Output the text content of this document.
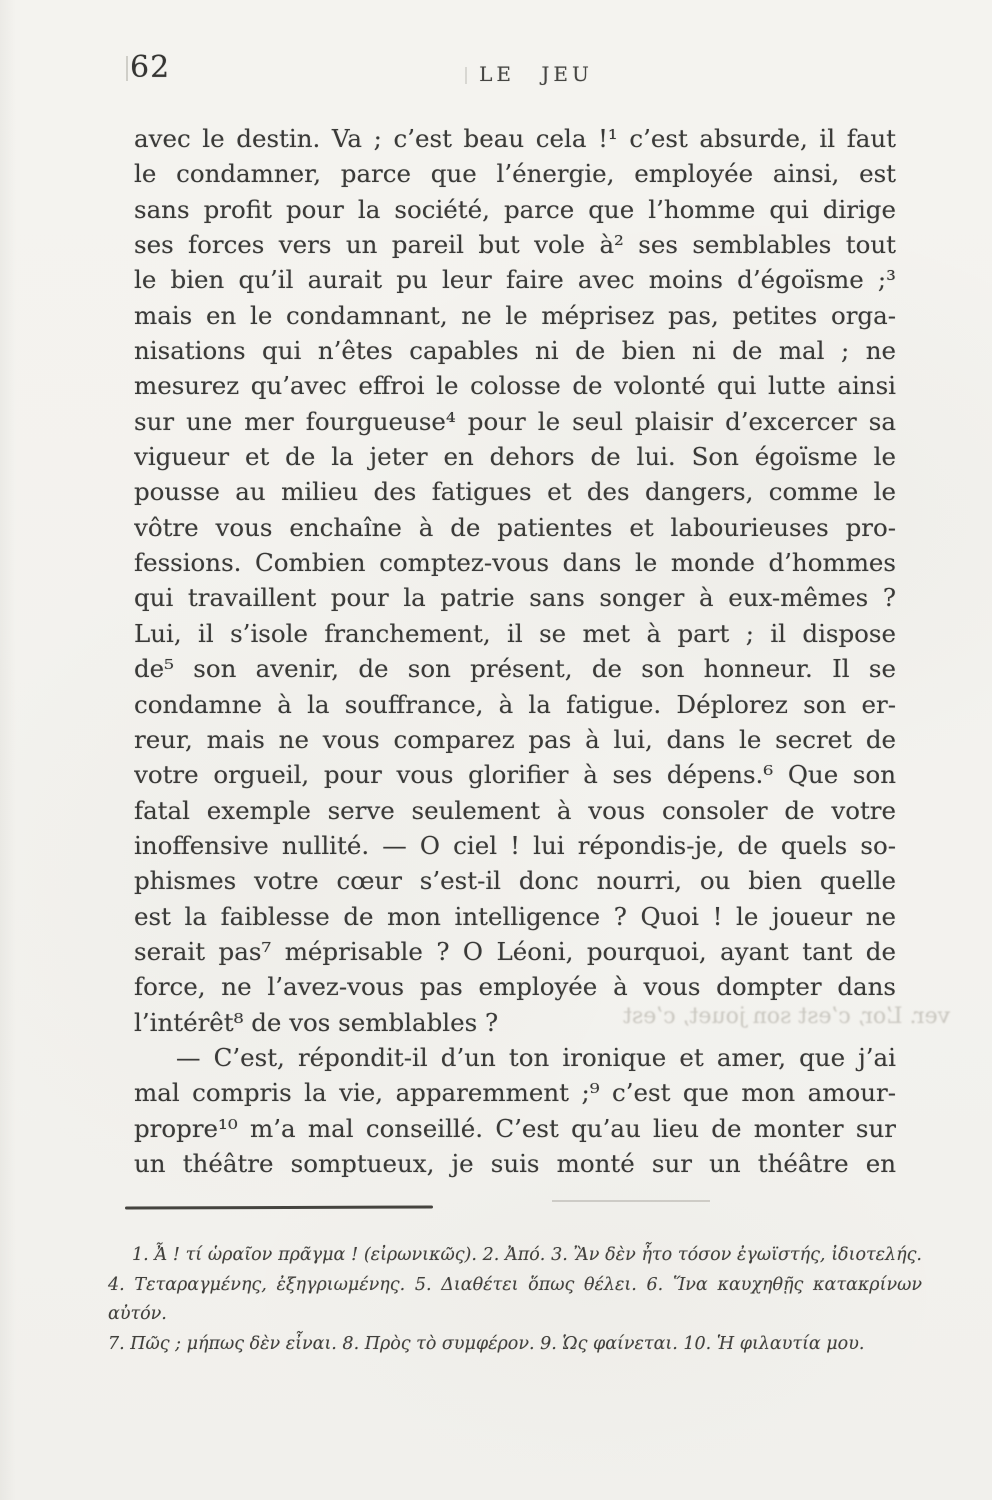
62	LE JEU
avec le destin. Va ; c’est beau cela !¹ c’est absurde, il faut
le condamner, parce que l’énergie, employée ainsi, est
sans profit pour la société, parce que l’homme qui dirige
ses forces vers un pareil but vole à² ses semblables tout
le bien qu’il aurait pu leur faire avec moins d’égoïsme ;³
mais en le condamnant, ne le méprisez pas, petites orga-
nisations qui n’êtes capables ni de bien ni de mal ; ne
mesurez qu’avec effroi le colosse de volonté qui lutte ainsi
sur une mer fourgueuse⁴ pour le seul plaisir d’excercer sa
vigueur et de la jeter en dehors de lui. Son égoïsme le
pousse au milieu des fatigues et des dangers, comme le
vôtre vous enchaîne à de patientes et labourieuses pro-
fessions. Combien comptez-vous dans le monde d’hommes
qui travaillent pour la patrie sans songer à eux-mêmes ?
Lui, il s’isole franchement, il se met à part ; il dispose
de⁵ son avenir, de son présent, de son honneur. Il se
condamne à la souffrance, à la fatigue. Déplorez son er-
reur, mais ne vous comparez pas à lui, dans le secret de
votre orgueil, pour vous glorifier à ses dépens.⁶ Que son
fatal exemple serve seulement à vous consoler de votre
inoffensive nullité. — O ciel ! lui répondis-je, de quels so-
phismes votre cœur s’est-il donc nourri, ou bien quelle
est la faiblesse de mon intelligence ? Quoi ! le joueur ne
serait pas⁷ méprisable ? O Léoni, pourquoi, ayant tant de
force, ne l’avez-vous pas employée à vous dompter dans
l’intérêt⁸ de vos semblables ?
— C’est, répondit-il d’un ton ironique et amer, que j’ai
mal compris la vie, apparemment ;⁹ c’est que mon amour-
propre¹⁰ m’a mal conseillé. C’est qu’au lieu de monter sur
un théâtre somptueux, je suis monté sur un théâtre en
ver. L’or, c’est son jouet, c’est
1. Ἆ ! τί ὡραῖον πρᾶγμα ! (εἰρωνικῶς). 2. Ἀπό. 3. Ἂν δὲν ἦτο τόσον ἐγωϊστής, ἰδιοτελής.
4. Τεταραγμένης, ἐξηγριωμένης. 5. Διαθέτει ὅπως θέλει. 6. Ἵνα καυχηθῇς κατακρίνων αὐτόν.
7. Πῶς ; μήπως δὲν εἶναι. 8. Πρὸς τὸ συμφέρον. 9. Ὡς φαίνεται. 10. Ἡ φιλαυτία μου.
